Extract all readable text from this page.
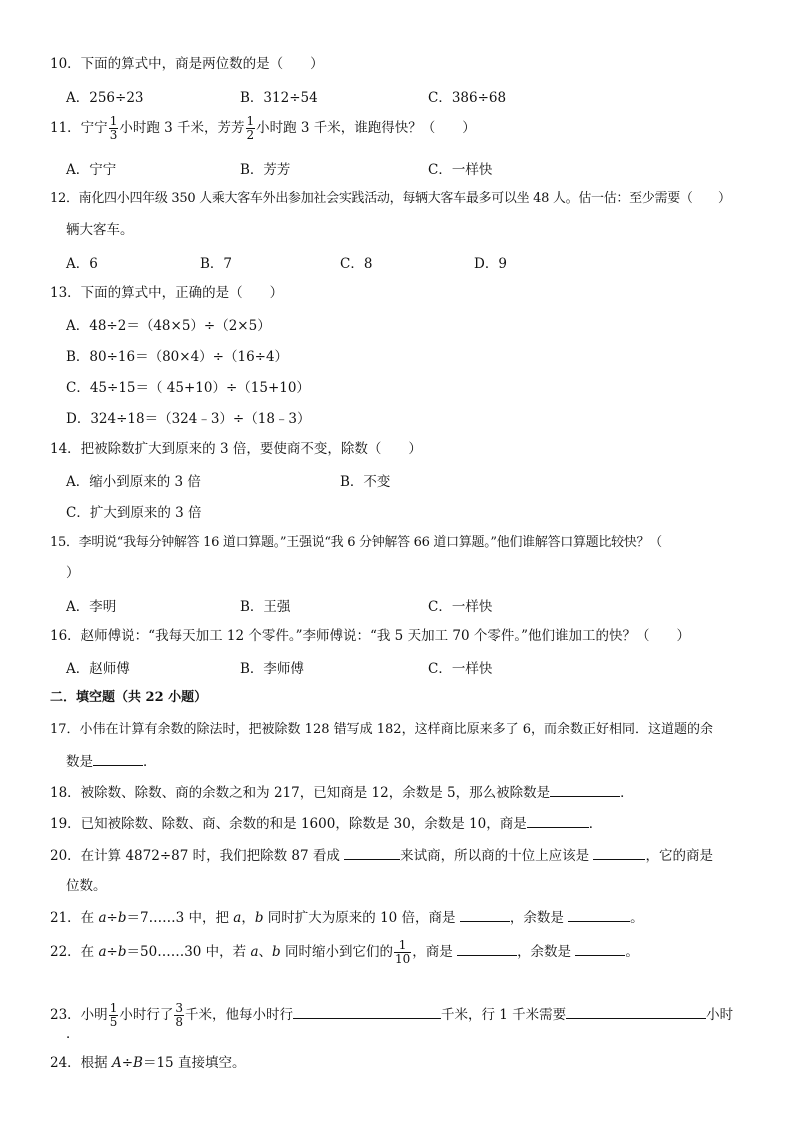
10．下面的算式中，商是两位数的是（　　）
A．256÷23	B．312÷54	C．386÷68
11．宁宁 $\frac{1}{3}$ 小时跑 3 千米，芳芳 $\frac{1}{2}$ 小时跑 3 千米，谁跑得快？（　　）
A．宁宁	B．芳芳	C．一样快
12．南化四小四年级 350 人乘大客车外出参加社会实践活动，每辆大客车最多可以坐 48 人。估一估：至少需要（　　）
辆大客车。
A．6	B．7	C．8	D．9
13．下面的算式中，正确的是（　　）
A．48÷2＝（48×5）÷（2×5）
B．80÷16＝（80×4）÷（16÷4）
C．45÷15＝（ 45+10）÷（15+10）
D．324÷18＝（324﹣3）÷（18﹣3）
14．把被除数扩大到原来的 3 倍，要使商不变，除数（　　）
A．缩小到原来的 3 倍	B．不变
C．扩大到原来的 3 倍
15．李明说“我每分钟解答 16 道口算题。”王强说“我 6 分钟解答 66 道口算题。”他们谁解答口算题比较快？（
）
A．李明	B．王强	C．一样快
16．赵师傅说：“我每天加工 12 个零件。”李师傅说：“我 5 天加工 70 个零件。”他们谁加工的快？（　　）
A．赵师傅	B．李师傅	C．一样快
二．填空题（共 22 小题）
17．小伟在计算有余数的除法时，把被除数 128 错写成 182，这样商比原来多了 6，而余数正好相同．这道题的余
数是	．
18．被除数、除数、商的余数之和为 217，已知商是 12，余数是 5，那么被除数是	．
19．已知被除数、除数、商、余数的和是 1600，除数是 30，余数是 10，商是	．
20．在计算 4872÷87 时，我们把除数 87 看成	来试商，所以商的十位上应该是	，它的商是
位数。
21．在 a÷b＝7……3 中，把 a，b 同时扩大为原来的 10 倍，商是	，余数是	。
22．在 a÷b＝50……30 中，若 a、b 同时缩小到它们的 $\frac{1}{10}$ ，商是	，余数是	。
23．小明 $\frac{1}{5}$ 小时行了 $\frac{3}{8}$ 千米，他每小时行	千米，行 1 千米需要	小时
．
24．根据 A÷B＝15 直接填空。
